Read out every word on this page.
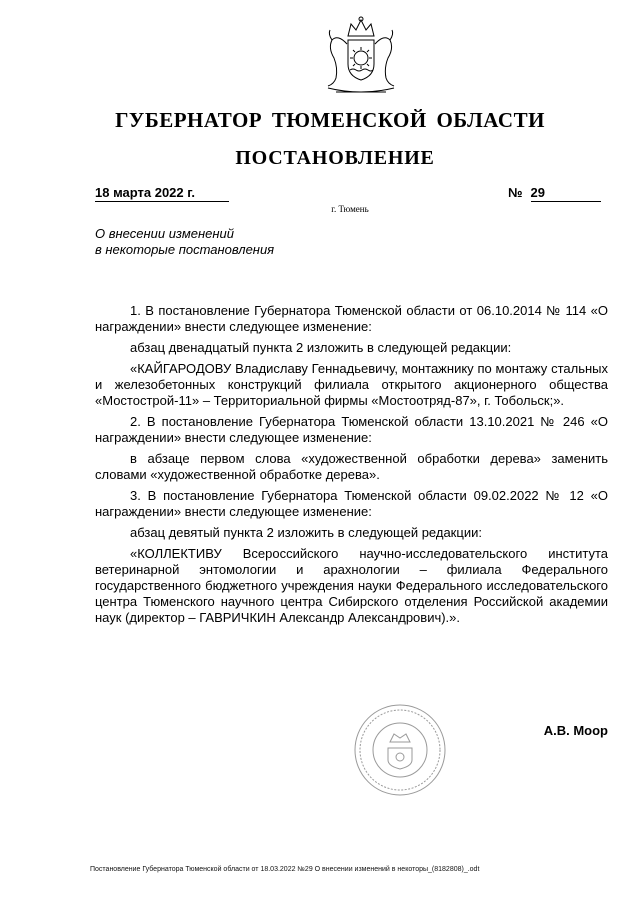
ГУБЕРНАТОР ТЮМЕНСКОЙ ОБЛАСТИ
ПОСТАНОВЛЕНИЕ
18 марта 2022 г.	№ 29
г. Тюмень
О внесении изменений
в некоторые постановления

1. В постановление Губернатора Тюменской области от 06.10.2014 № 114 «О награждении» внести следующее изменение:

абзац двенадцатый пункта 2 изложить в следующей редакции:

«КАЙГАРОДОВУ Владиславу Геннадьевичу, монтажнику по монтажу стальных и железобетонных конструкций филиала открытого акционерного общества «Мостострой-11» – Территориальной фирмы «Мостоотряд-87», г. Тобольск;».

2. В постановление Губернатора Тюменской области 13.10.2021 № 246 «О награждении» внести следующее изменение:

в абзаце первом слова «художественной обработки дерева» заменить словами «художественной обработке дерева».

3. В постановление Губернатора Тюменской области 09.02.2022 № 12 «О награждении» внести следующее изменение:

абзац девятый пункта 2 изложить в следующей редакции:

«КОЛЛЕКТИВУ Всероссийского научно-исследовательского института ветеринарной энтомологии и арахнологии – филиала Федерального государственного бюджетного учреждения науки Федерального исследовательского центра Тюменского научного центра Сибирского отделения Российской академии наук (директор – ГАВРИЧКИН Александр Александрович).».

А.В. Моор
Постановление Губернатора Тюменской области от 18.03.2022 №29 О внесении изменений в некоторы_(8182808)_.odt
